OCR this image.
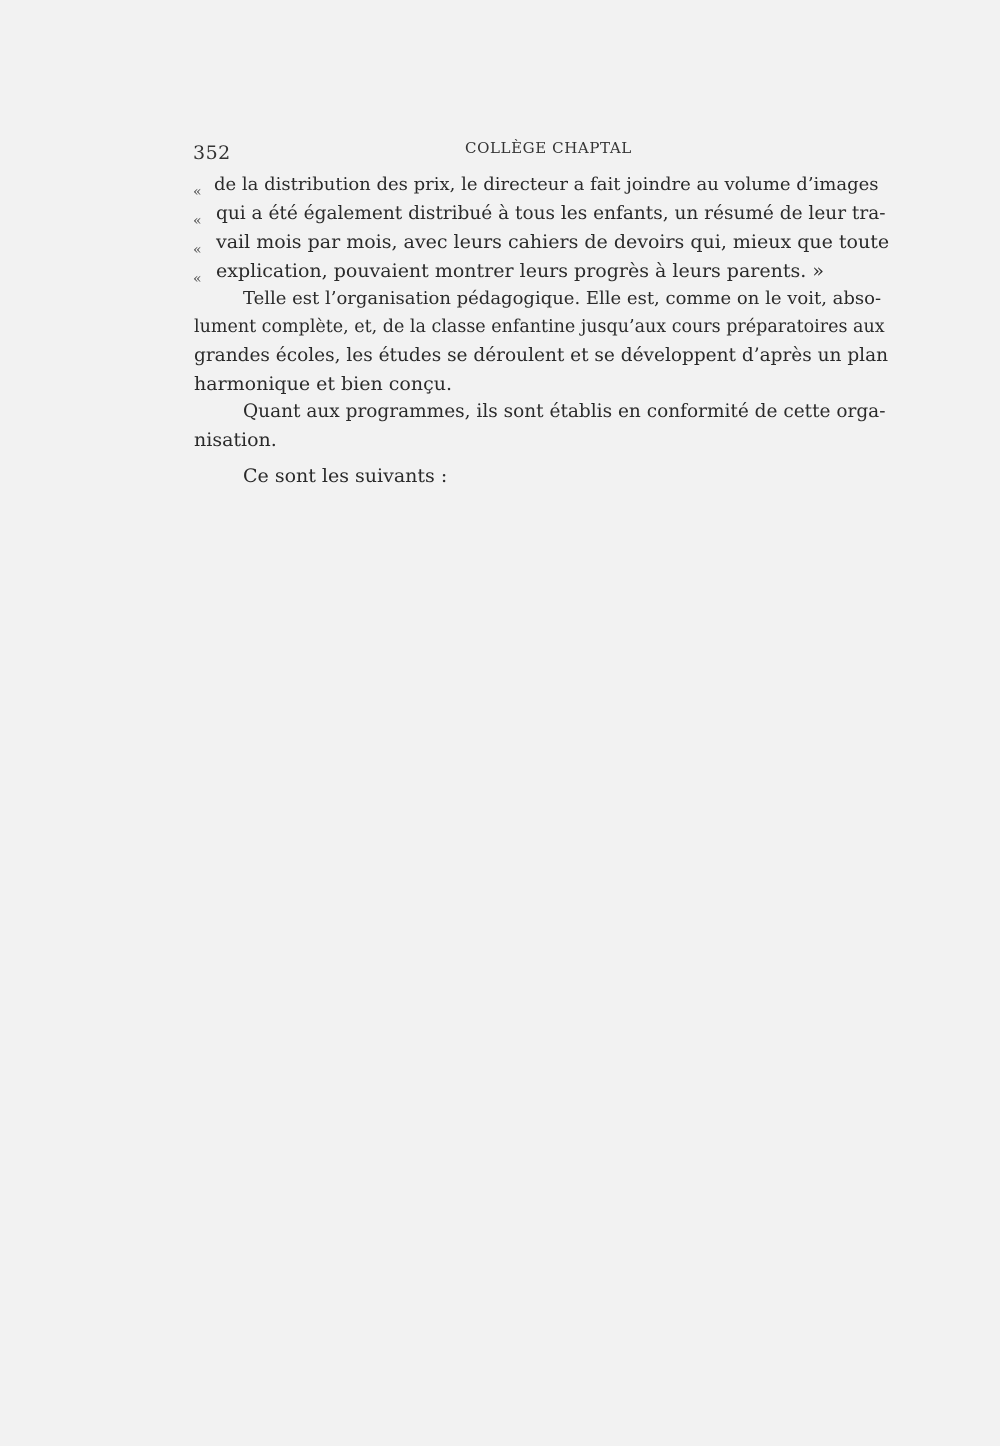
352	COLLÈGE CHAPTAL
« de la distribution des prix, le directeur a fait joindre au volume d’images
« qui a été également distribué à tous les enfants, un résumé de leur tra-
« vail mois par mois, avec leurs cahiers de devoirs qui, mieux que toute
« explication, pouvaient montrer leurs progrès à leurs parents. »
Telle est l’organisation pédagogique. Elle est, comme on le voit, abso-
lument complète, et, de la classe enfantine jusqu’aux cours préparatoires aux
grandes écoles, les études se déroulent et se développent d’après un plan
harmonique et bien conçu.
Quant aux programmes, ils sont établis en conformité de cette orga-
nisation.
Ce sont les suivants :
